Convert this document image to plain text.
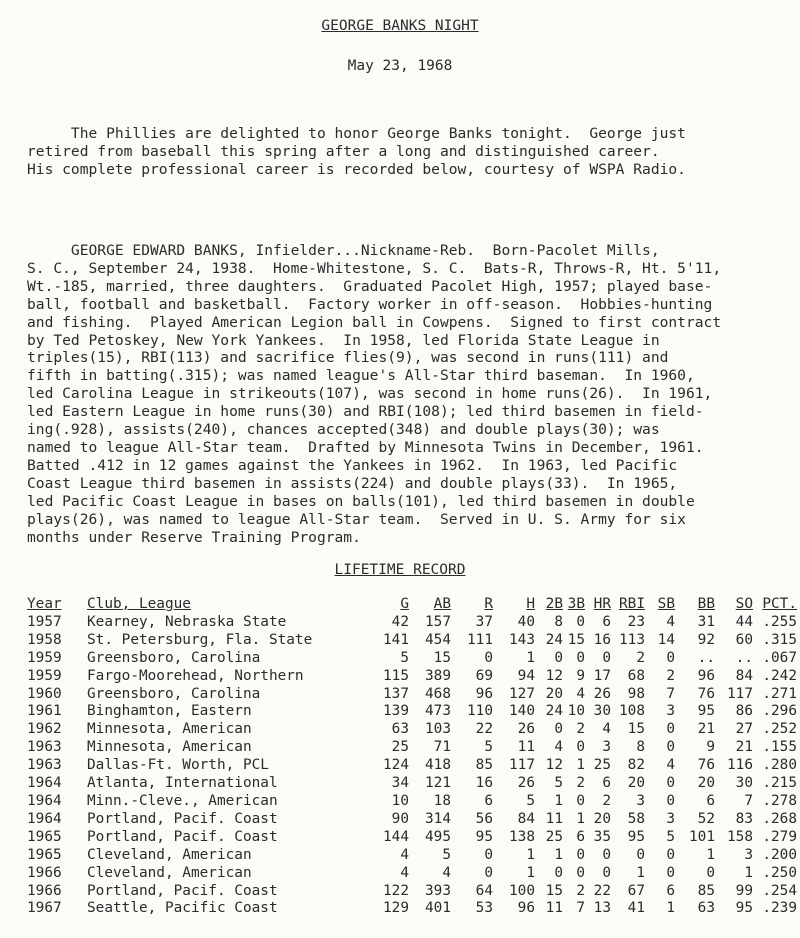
GEORGE BANKS NIGHT
May 23, 1968
The Phillies are delighted to honor George Banks tonight.  George just
retired from baseball this spring after a long and distinguished career.
His complete professional career is recorded below, courtesy of WSPA Radio.
GEORGE EDWARD BANKS, Infielder...Nickname-Reb.  Born-Pacolet Mills,
S. C., September 24, 1938.  Home-Whitestone, S. C.  Bats-R, Throws-R, Ht. 5'11,
Wt.-185, married, three daughters.  Graduated Pacolet High, 1957; played base-
ball, football and basketball.  Factory worker in off-season.  Hobbies-hunting
and fishing.  Played American Legion ball in Cowpens.  Signed to first contract
by Ted Petoskey, New York Yankees.  In 1958, led Florida State League in
triples(15), RBI(113) and sacrifice flies(9), was second in runs(111) and
fifth in batting(.315); was named league's All-Star third baseman.  In 1960,
led Carolina League in strikeouts(107), was second in home runs(26).  In 1961,
led Eastern League in home runs(30) and RBI(108); led third basemen in field-
ing(.928), assists(240), chances accepted(348) and double plays(30); was
named to league All-Star team.  Drafted by Minnesota Twins in December, 1961.
Batted .412 in 12 games against the Yankees in 1962.  In 1963, led Pacific
Coast League third basemen in assists(224) and double plays(33).  In 1965,
led Pacific Coast League in bases on balls(101), led third basemen in double
plays(26), was named to league All-Star team.  Served in U. S. Army for six
months under Reserve Training Program.
LIFETIME RECORD
Year	Club, League	G	AB	R	H	2B	3B	HR	RBI	SB	BB	SO	PCT.
1957	Kearney, Nebraska State	42	157	37	40	8	0	6	23	4	31	44	.255
1958	St. Petersburg, Fla. State	141	454	111	143	24	15	16	113	14	92	60	.315
1959	Greensboro, Carolina	5	15	0	1	0	0	0	2	0	..	..	.067
1959	Fargo-Moorehead, Northern	115	389	69	94	12	9	17	68	2	96	84	.242
1960	Greensboro, Carolina	137	468	96	127	20	4	26	98	7	76	117	.271
1961	Binghamton, Eastern	139	473	110	140	24	10	30	108	3	95	86	.296
1962	Minnesota, American	63	103	22	26	0	2	4	15	0	21	27	.252
1963	Minnesota, American	25	71	5	11	4	0	3	8	0	9	21	.155
1963	Dallas-Ft. Worth, PCL	124	418	85	117	12	1	25	82	4	76	116	.280
1964	Atlanta, International	34	121	16	26	5	2	6	20	0	20	30	.215
1964	Minn.-Cleve., American	10	18	6	5	1	0	2	3	0	6	7	.278
1964	Portland, Pacif. Coast	90	314	56	84	11	1	20	58	3	52	83	.268
1965	Portland, Pacif. Coast	144	495	95	138	25	6	35	95	5	101	158	.279
1965	Cleveland, American	4	5	0	1	1	0	0	0	0	1	3	.200
1966	Cleveland, American	4	4	0	1	0	0	0	1	0	0	1	.250
1966	Portland, Pacif. Coast	122	393	64	100	15	2	22	67	6	85	99	.254
1967	Seattle, Pacific Coast	129	401	53	96	11	7	13	41	1	63	95	.239
